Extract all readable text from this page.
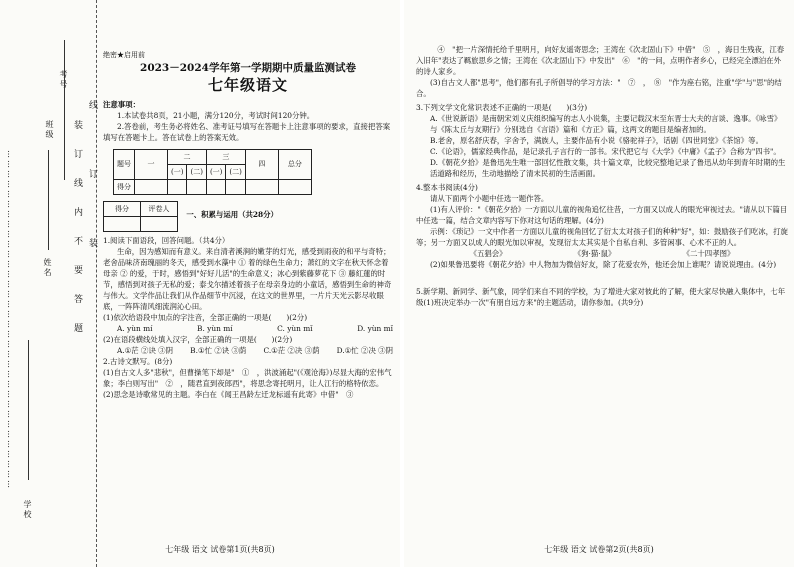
…………………………………………………………………………………………
学校
姓名
考号
班级 装订线内不要答题
线订装

绝密★启用前

2023－2024学年第一学期期中质量监测试卷

七年级语文

注意事项：

1.本试卷共8页，21小题，满分120分，考试时间120分钟。

2.答卷前，考生务必将姓名、准考证号填写在答题卡上注意事项的要求，直接把答案填写在答题卡上。答在试卷上的答案无效。

题号	一	二		三		四	总分
		(一)	(二)	(一)	(二)		
得分							
得分	评卷人
	一、积累与运用（共28分）

1.阅读下面语段，回答问题。（共4分）

生命，因为感知而有意义。来自清者溪涧的嫩芽的灯光，感受到雨夜的和平与奇特；老舍品味济南瑰丽的冬天，感受到水藻中 ① 着的绿色生命力；萧红的文字在秋天怀念着母亲 ② 的爱，于时，感悟到"好好儿活"的生命意义；冰心到紫藤萝花下 ③ 藤紅蓮的时节，感悟到对孩子无私的爱；泰戈尔描述着孩子在母亲身边的小童话，感悟到生命的神奇与伟大。文学作品让我们从作品细节中沉浸，在这文的世界里，一片片天光云影尽收眼底，一阵阵清风细流润沁心田。

(1)依次给语段中加点的字注音，全部正确的一项是(　　)(2分)

A. yùn mí	B. yùn mí	C. yùn mǐ	D. yùn mǐ

(2)在语段横线处填入汉字，全部正确的一项是(　　)(2分)

A.①茫 ②诀 ③阴 B.①忙 ②诀 ③荫 C.①茫 ②决 ③荫 D.①忙 ②决 ③阴

2.古诗文默写。(8分)

(1)自古文人多"悲秋"，但曹操笔下却是"　①　，洪波涌起"(《观沧海》)尽显大海的宏伟气象；李白则写出"　②　，随君直到夜郎西"，将思念寄托明月，让人江行的格特依恋。

(2)思念是诗歌常见的主题。李白在《闻王昌龄左迁龙标遥有此寄》中借"　③　

七年级 语文 试卷第1页(共8页)

　④　"把一片深情托给千里明月，向好友遥寄思念；王湾在《次北固山下》中借"　⑤　，海日生残夜，江春入旧年"表达了羁旅思乡之情；王湾在《次北固山下》中发出"　⑥　"的一问，点明作者乡心，已经完全漂泊在外的诗人家乡。

(3)自古文人都"思考"，他们都有孔子所倡导的学习方法："　⑦　，　⑧　"作为座右铭，注重"学"与"思"的结合。

3.下列文学文化常识表述不正确的一项是(　　)(3分)

A.《世说新语》是南朝宋刘义庆组织编写的志人小说集，主要记载汉末至东晋士大夫的言谈、逸事。《咏雪》与《陈太丘与友期行》分别选自《言语》篇和《方正》篇，这两文的题目是编者加的。

B.老舍，原名舒庆春，字舍予，满族人，主要作品有小说《骆驼祥子》，话剧《四世同堂》《茶馆》等。

C.《论语》，儒家经典作品，是记录孔子言行的一部书。宋代把它与《大学》《中庸》《孟子》合称为"四书"。

D.《朝花夕拾》是鲁迅先生唯一部回忆性散文集，共十篇文章，比较完整地记录了鲁迅从幼年到青年时期的生活道路和经历，生动地描绘了清末民初的生活画面。

4.整本书阅读(4分)

请从下面两个小题中任选一题作答。

(1)有人评价："《朝花夕拾》一方面以儿童的视角追忆往昔，一方面又以成人的眼光审视过去。"请从以下篇目中任选一篇，结合文章内容写下你对这句话的理解。(4分)

示例：《琐记》一文中作者一方面以儿童的视角回忆了衍太太对孩子们的种种"好"，如：鼓励孩子们吃冰，打旋等；另一方面又以成人的眼光加以审视，发现衍太太其实是个自私自利、多管闲事、心术不正的人。

《五猖会》	《狗·猫·鼠》	《二十四孝图》

(2)如果鲁迅要将《朝花夕拾》中人物加为微信好友，除了花爱农外，他还会加上谁呢？请说说理由。(4分)

5.新学期、新同学、新气象，同学们来自不同的学校，为了增进大家对彼此的了解，使大家尽快融入集体中，七年级(1)班决定举办一次"有朋自远方来"的主题活动，请你参加。(共9分)

七年级 语文 试卷第2页(共8页)
